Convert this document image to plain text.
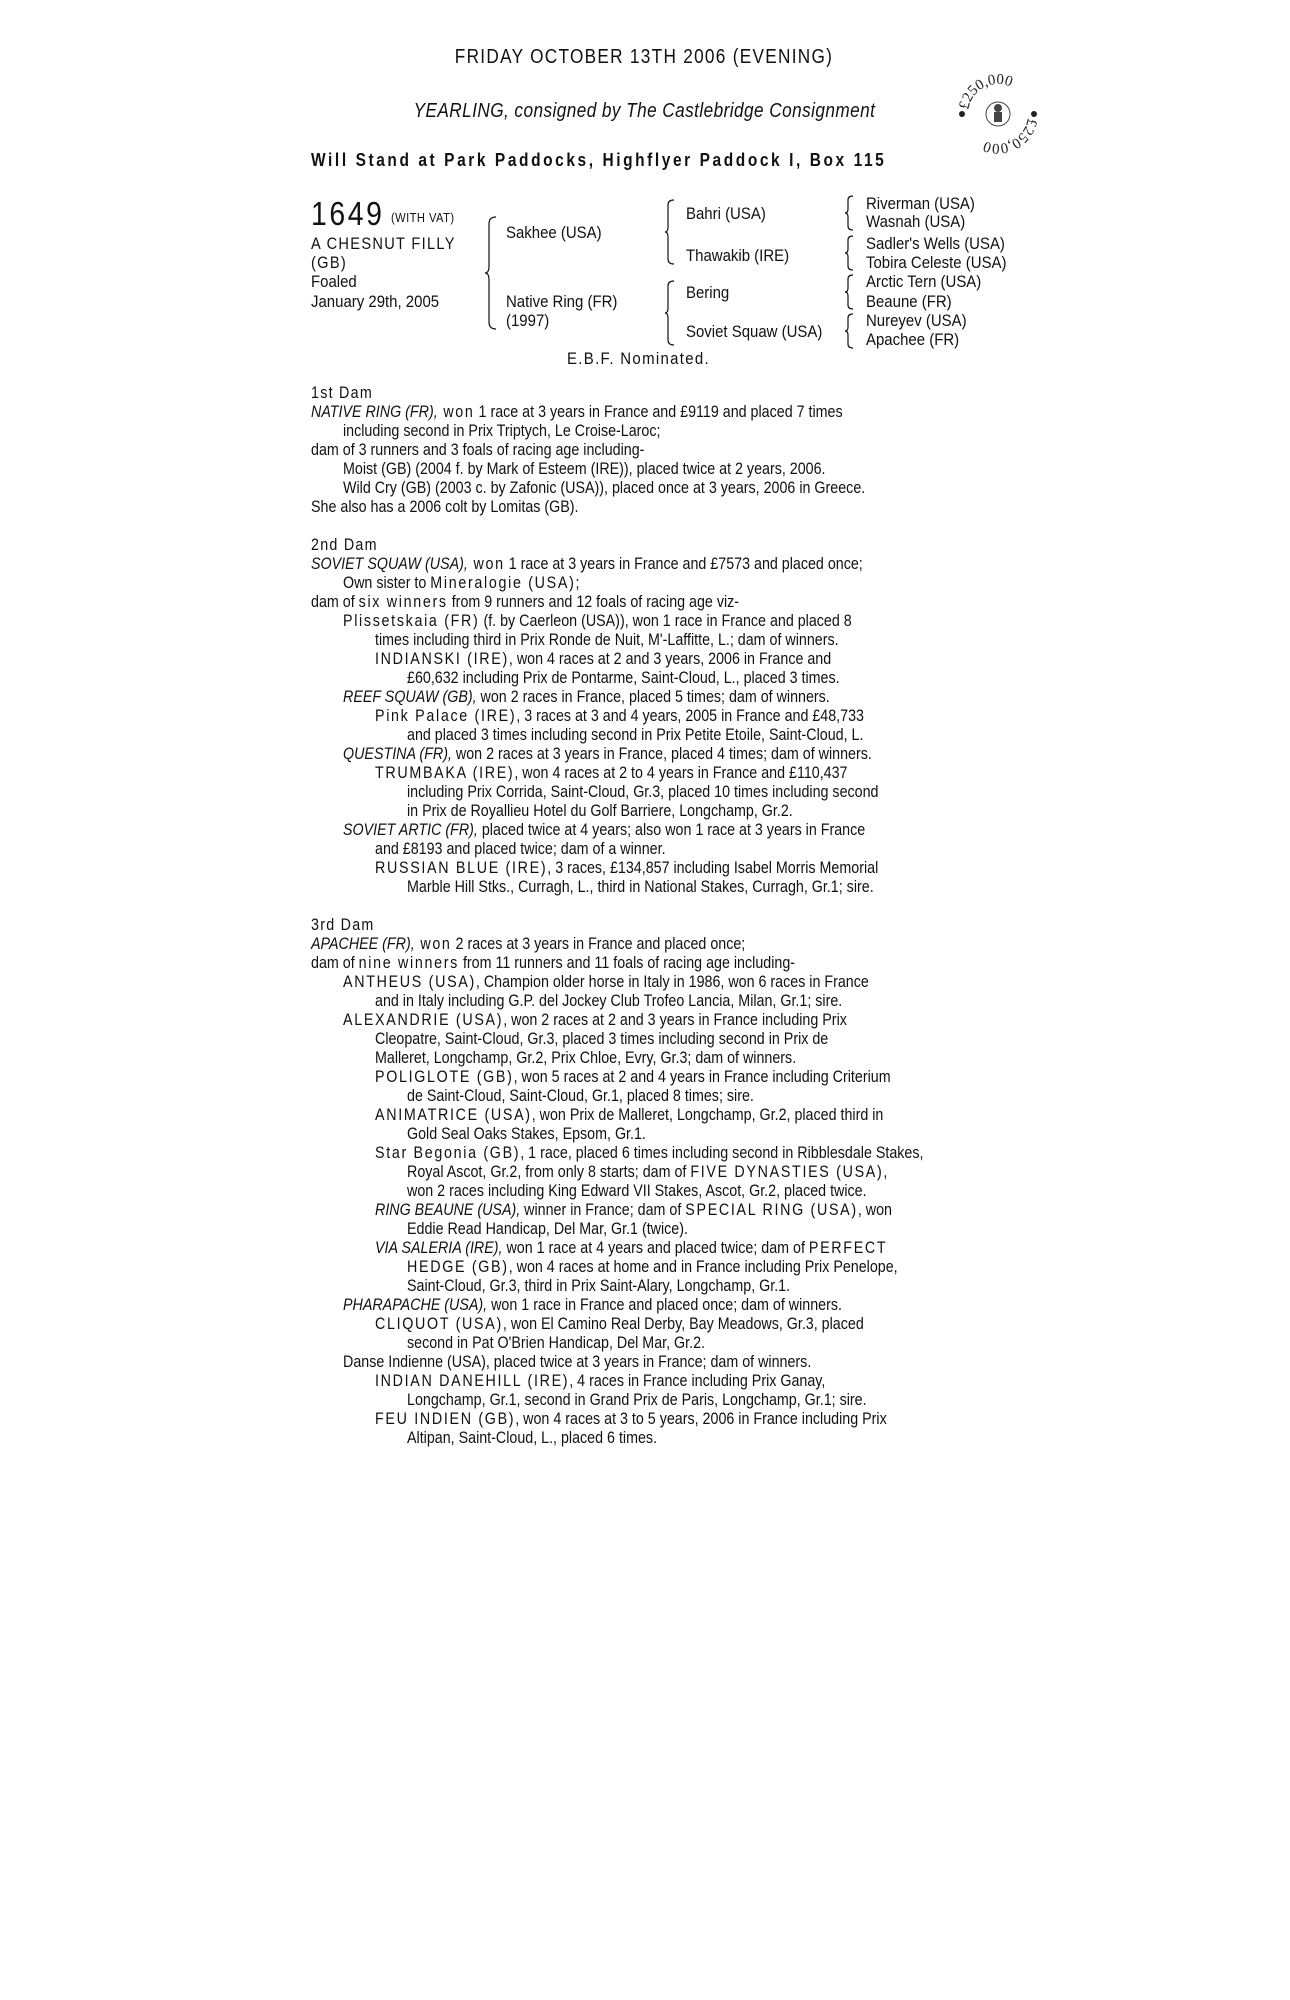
FRIDAY OCTOBER 13TH 2006 (EVENING)
YEARLING, consigned by The Castlebridge Consignment
Will Stand at Park Paddocks, Highflyer Paddock I, Box 115
£250,000
£250,000
1649 (WITH VAT)
A CHESNUT FILLY
(GB)
Foaled
January 29th, 2005
Sakhee (USA)
Native Ring (FR)
(1997)
Bahri (USA)
Thawakib (IRE)
Bering
Soviet Squaw (USA)
Riverman (USA)
Wasnah (USA)
Sadler's Wells (USA)
Tobira Celeste (USA)
Arctic Tern (USA)
Beaune (FR)
Nureyev (USA)
Apachee (FR)
E.B.F. Nominated.
1st Dam
NATIVE RING (FR), won 1 race at 3 years in France and £9119 and placed 7 times
including second in Prix Triptych, Le Croise-Laroc;
dam of 3 runners and 3 foals of racing age including-
Moist (GB) (2004 f. by Mark of Esteem (IRE)), placed twice at 2 years, 2006.
Wild Cry (GB) (2003 c. by Zafonic (USA)), placed once at 3 years, 2006 in Greece.
She also has a 2006 colt by Lomitas (GB).
2nd Dam
SOVIET SQUAW (USA), won 1 race at 3 years in France and £7573 and placed once;
Own sister to Mineralogie (USA);
dam of six winners from 9 runners and 12 foals of racing age viz-
Plissetskaia (FR) (f. by Caerleon (USA)), won 1 race in France and placed 8
times including third in Prix Ronde de Nuit, M'-Laffitte, L.; dam of winners.
INDIANSKI (IRE), won 4 races at 2 and 3 years, 2006 in France and
£60,632 including Prix de Pontarme, Saint-Cloud, L., placed 3 times.
REEF SQUAW (GB), won 2 races in France, placed 5 times; dam of winners.
Pink Palace (IRE), 3 races at 3 and 4 years, 2005 in France and £48,733
and placed 3 times including second in Prix Petite Etoile, Saint-Cloud, L.
QUESTINA (FR), won 2 races at 3 years in France, placed 4 times; dam of winners.
TRUMBAKA (IRE), won 4 races at 2 to 4 years in France and £110,437
including Prix Corrida, Saint-Cloud, Gr.3, placed 10 times including second
in Prix de Royallieu Hotel du Golf Barriere, Longchamp, Gr.2.
SOVIET ARTIC (FR), placed twice at 4 years; also won 1 race at 3 years in France
and £8193 and placed twice; dam of a winner.
RUSSIAN BLUE (IRE), 3 races, £134,857 including Isabel Morris Memorial
Marble Hill Stks., Curragh, L., third in National Stakes, Curragh, Gr.1; sire.
3rd Dam
APACHEE (FR), won 2 races at 3 years in France and placed once;
dam of nine winners from 11 runners and 11 foals of racing age including-
ANTHEUS (USA), Champion older horse in Italy in 1986, won 6 races in France
and in Italy including G.P. del Jockey Club Trofeo Lancia, Milan, Gr.1; sire.
ALEXANDRIE (USA), won 2 races at 2 and 3 years in France including Prix
Cleopatre, Saint-Cloud, Gr.3, placed 3 times including second in Prix de
Malleret, Longchamp, Gr.2, Prix Chloe, Evry, Gr.3; dam of winners.
POLIGLOTE (GB), won 5 races at 2 and 4 years in France including Criterium
de Saint-Cloud, Saint-Cloud, Gr.1, placed 8 times; sire.
ANIMATRICE (USA), won Prix de Malleret, Longchamp, Gr.2, placed third in
Gold Seal Oaks Stakes, Epsom, Gr.1.
Star Begonia (GB), 1 race, placed 6 times including second in Ribblesdale Stakes,
Royal Ascot, Gr.2, from only 8 starts; dam of FIVE DYNASTIES (USA),
won 2 races including King Edward VII Stakes, Ascot, Gr.2, placed twice.
RING BEAUNE (USA), winner in France; dam of SPECIAL RING (USA), won
Eddie Read Handicap, Del Mar, Gr.1 (twice).
VIA SALERIA (IRE), won 1 race at 4 years and placed twice; dam of PERFECT
HEDGE (GB), won 4 races at home and in France including Prix Penelope,
Saint-Cloud, Gr.3, third in Prix Saint-Alary, Longchamp, Gr.1.
PHARAPACHE (USA), won 1 race in France and placed once; dam of winners.
CLIQUOT (USA), won El Camino Real Derby, Bay Meadows, Gr.3, placed
second in Pat O'Brien Handicap, Del Mar, Gr.2.
Danse Indienne (USA), placed twice at 3 years in France; dam of winners.
INDIAN DANEHILL (IRE), 4 races in France including Prix Ganay,
Longchamp, Gr.1, second in Grand Prix de Paris, Longchamp, Gr.1; sire.
FEU INDIEN (GB), won 4 races at 3 to 5 years, 2006 in France including Prix
Altipan, Saint-Cloud, L., placed 6 times.
